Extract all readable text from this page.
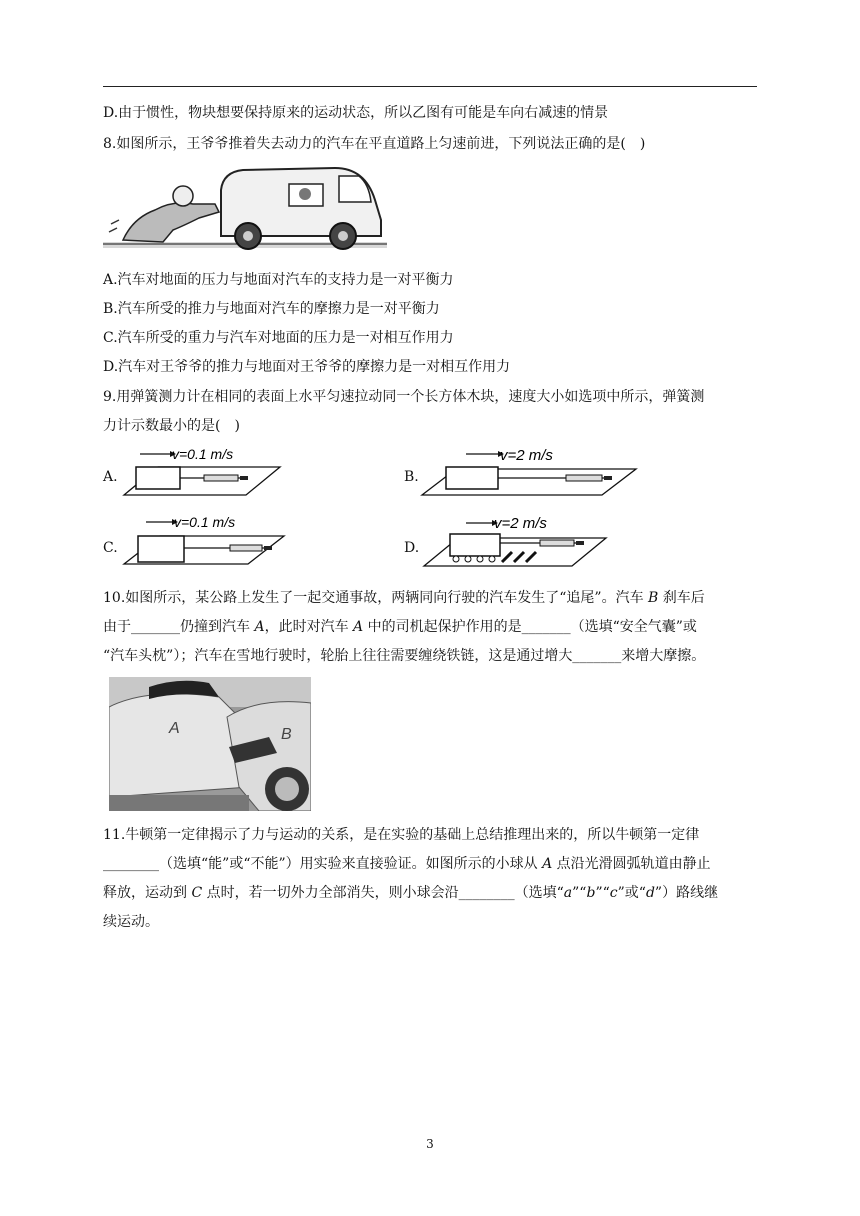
D.由于惯性，物块想要保持原来的运动状态，所以乙图有可能是车向右减速的情景
8.如图所示，王爷爷推着失去动力的汽车在平直道路上匀速前进，下列说法正确的是(　)
A.汽车对地面的压力与地面对汽车的支持力是一对平衡力
B.汽车所受的推力与地面对汽车的摩擦力是一对平衡力
C.汽车所受的重力与汽车对地面的压力是一对相互作用力
D.汽车对王爷爷的推力与地面对王爷爷的摩擦力是一对相互作用力
9.用弹簧测力计在相同的表面上水平匀速拉动同一个长方体木块，速度大小如选项中所示，弹簧测
力计示数最小的是(　)
A.
v=0.1 m/s
B.
v=2 m/s
C.
v=0.1 m/s
D.
v=2 m/s
10.如图所示，某公路上发生了一起交通事故，两辆同向行驶的汽车发生了“追尾”。汽车 B 刹车后
由于_______仍撞到汽车 A，此时对汽车 A 中的司机起保护作用的是_______（选填“安全气囊”或
“汽车头枕”）；汽车在雪地行驶时，轮胎上往往需要缠绕铁链，这是通过增大_______来增大摩擦。
A	B
11.牛顿第一定律揭示了力与运动的关系，是在实验的基础上总结推理出来的，所以牛顿第一定律
________（选填“能”或“不能”）用实验来直接验证。如图所示的小球从 A 点沿光滑圆弧轨道由静止
释放，运动到 C 点时，若一切外力全部消失，则小球会沿________（选填“a”“b”“c”或“d”）路线继
续运动。
3
